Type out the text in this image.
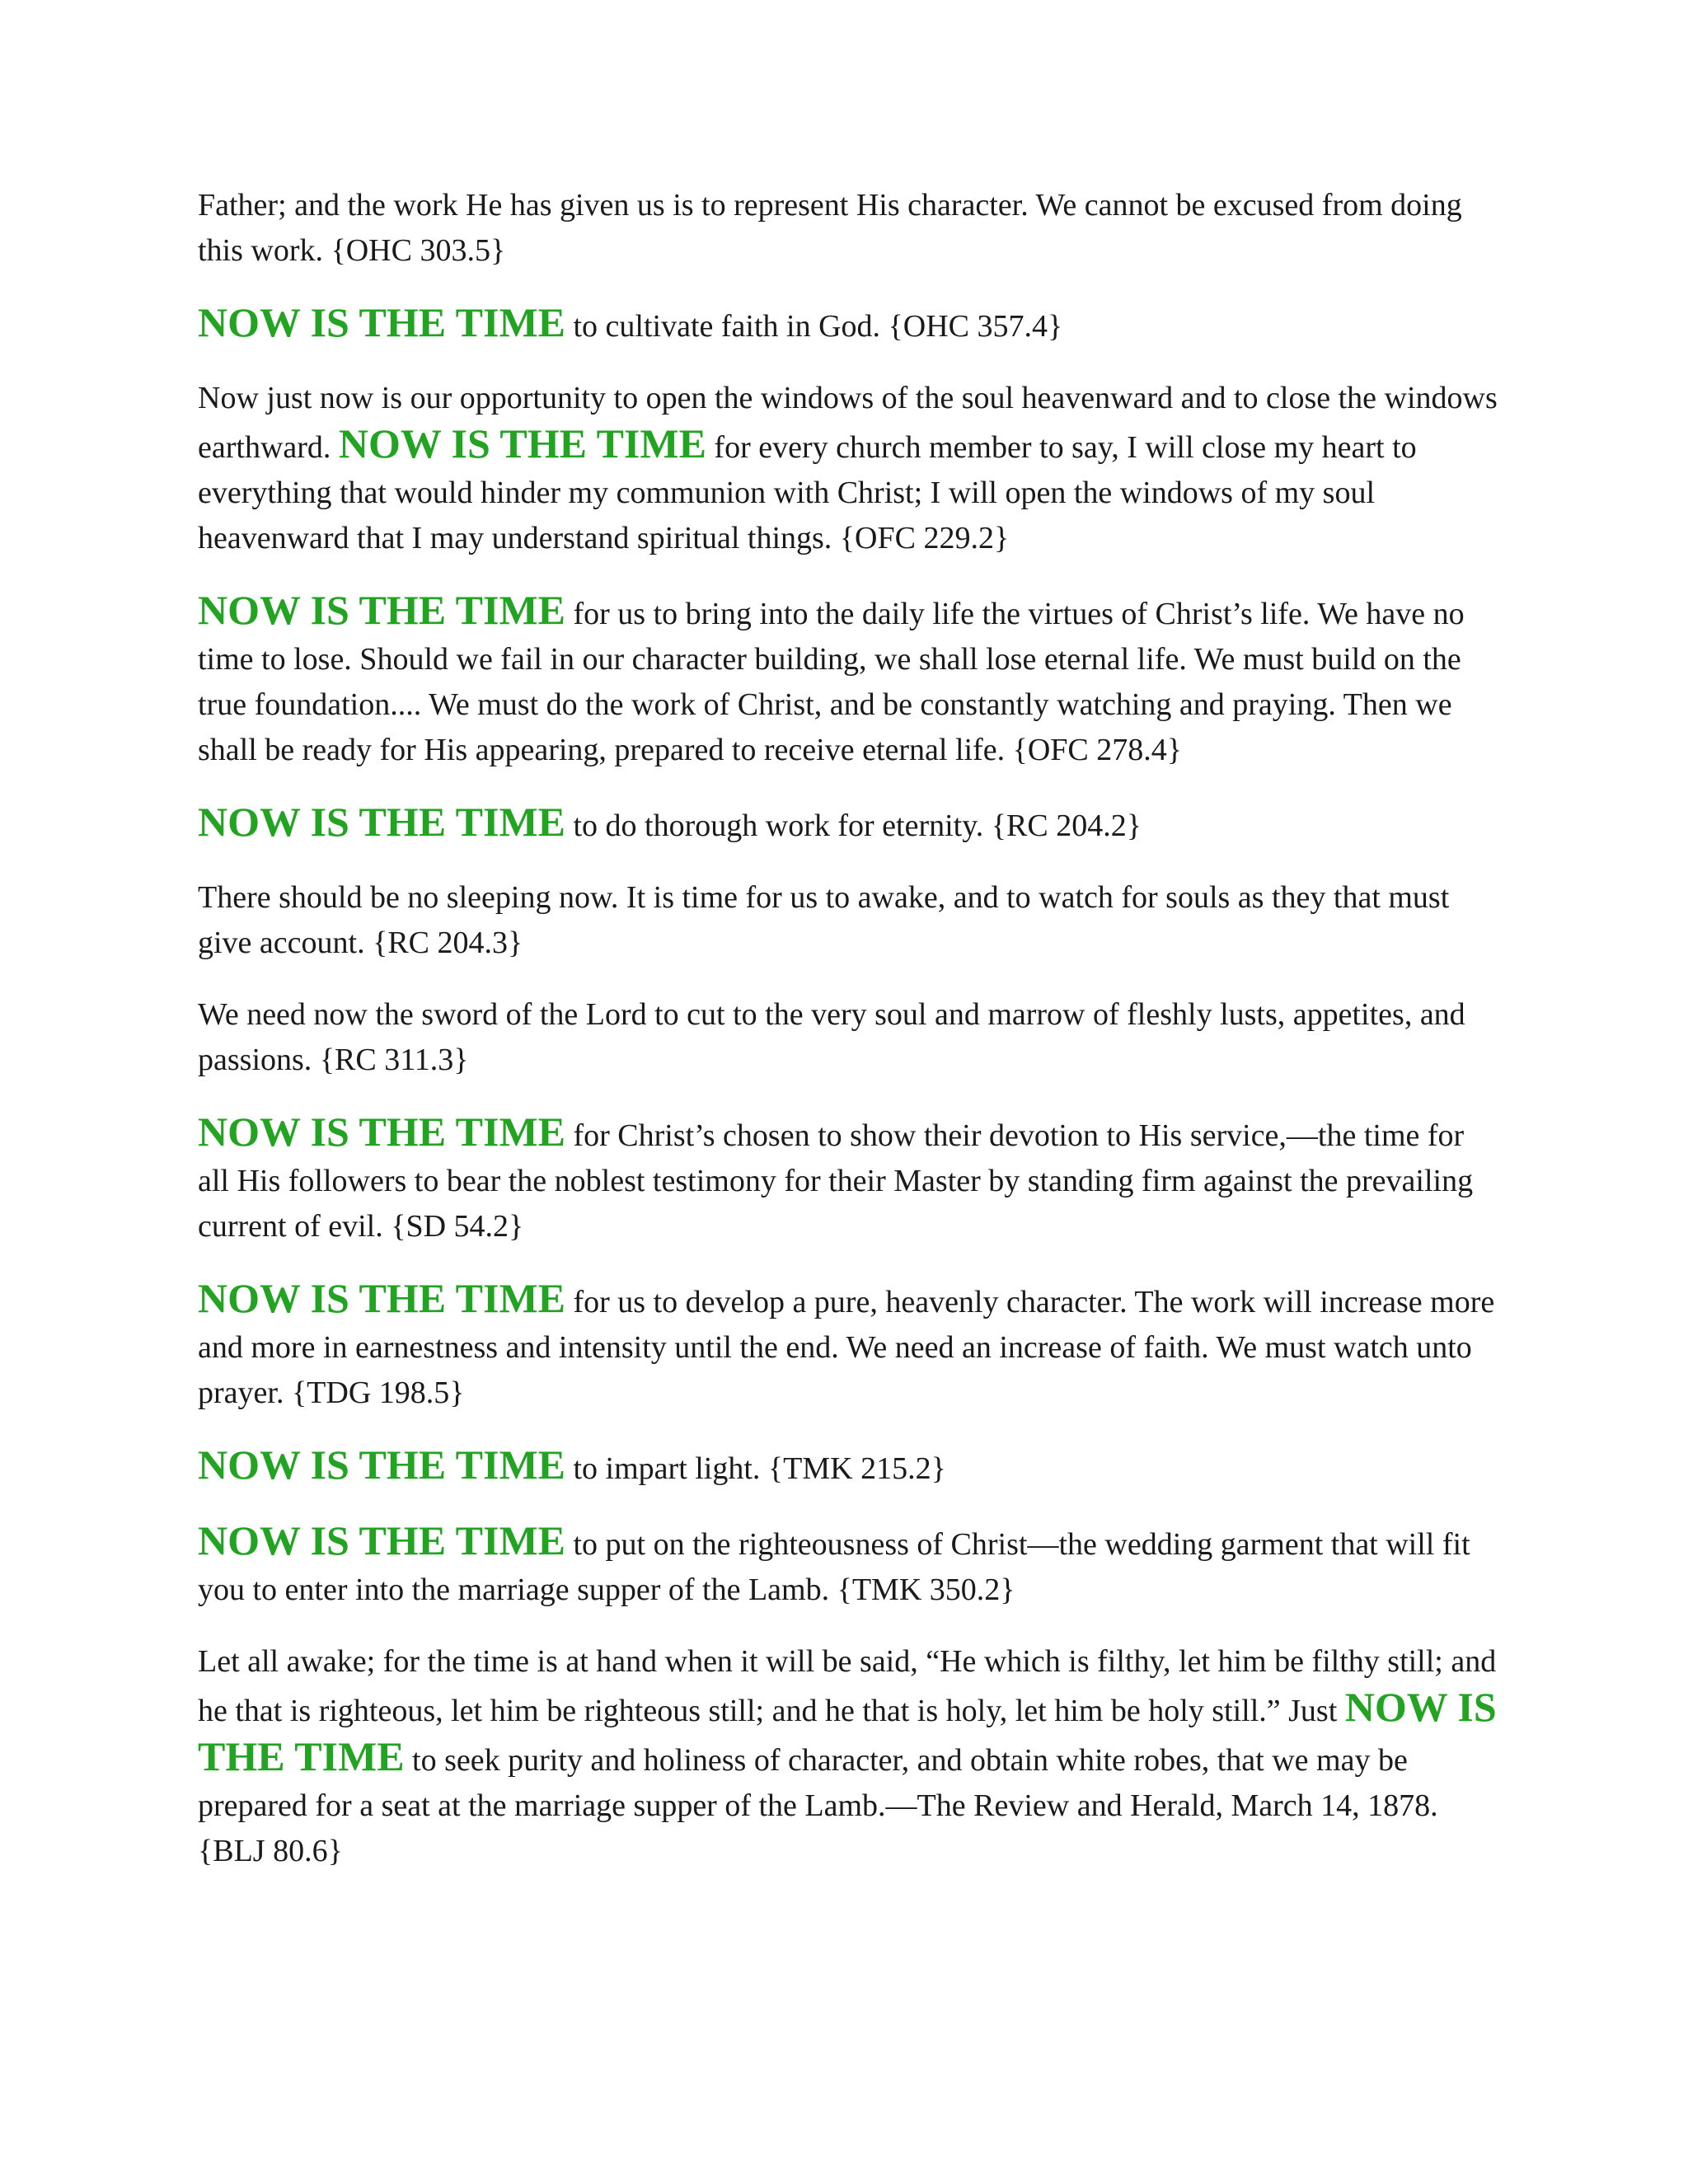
Father; and the work He has given us is to represent His character. We cannot be excused from doing this work. {OHC 303.5}

NOW IS THE TIME to cultivate faith in God. {OHC 357.4}

Now just now is our opportunity to open the windows of the soul heavenward and to close the windows earthward. NOW IS THE TIME for every church member to say, I will close my heart to everything that would hinder my communion with Christ; I will open the windows of my soul heavenward that I may understand spiritual things. {OFC 229.2}

NOW IS THE TIME for us to bring into the daily life the virtues of Christ’s life. We have no time to lose. Should we fail in our character building, we shall lose eternal life. We must build on the true foundation.... We must do the work of Christ, and be constantly watching and praying. Then we shall be ready for His appearing, prepared to receive eternal life. {OFC 278.4}

NOW IS THE TIME to do thorough work for eternity. {RC 204.2}

There should be no sleeping now. It is time for us to awake, and to watch for souls as they that must give account. {RC 204.3}

We need now the sword of the Lord to cut to the very soul and marrow of fleshly lusts, appetites, and passions. {RC 311.3}

NOW IS THE TIME for Christ’s chosen to show their devotion to His service,—the time for all His followers to bear the noblest testimony for their Master by standing firm against the prevailing current of evil. {SD 54.2}

NOW IS THE TIME for us to develop a pure, heavenly character. The work will increase more and more in earnestness and intensity until the end. We need an increase of faith. We must watch unto prayer. {TDG 198.5}

NOW IS THE TIME to impart light. {TMK 215.2}

NOW IS THE TIME to put on the righteousness of Christ—the wedding garment that will fit you to enter into the marriage supper of the Lamb. {TMK 350.2}

Let all awake; for the time is at hand when it will be said, “He which is filthy, let him be filthy still; and he that is righteous, let him be righteous still; and he that is holy, let him be holy still.” Just NOW IS THE TIME to seek purity and holiness of character, and obtain white robes, that we may be prepared for a seat at the marriage supper of the Lamb.—The Review and Herald, March 14, 1878. {BLJ 80.6}
